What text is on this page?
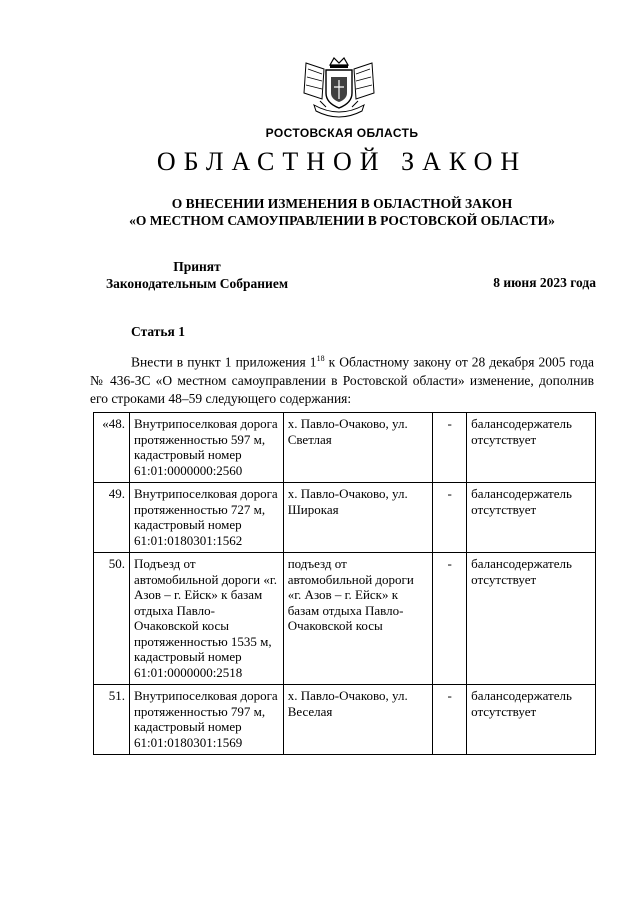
РОСТОВСКАЯ ОБЛАСТЬ
ОБЛАСТНОЙ ЗАКОН
О ВНЕСЕНИИ ИЗМЕНЕНИЯ В ОБЛАСТНОЙ ЗАКОН
«О МЕСТНОМ САМОУПРАВЛЕНИИ В РОСТОВСКОЙ ОБЛАСТИ»
Принят
Законодательным Собранием	8 июня 2023 года
Статья 1
Внести в пункт 1 приложения $1^{18}$ к Областному закону от 28 декабря 2005 года № 436-ЗС «О местном самоуправлении в Ростовской области» изменение, дополнив его строками 48–59 следующего содержания:
«48.	Внутрипоселковая дорога протяженностью 597 м, кадастровый номер 61:01:0000000:2560	х. Павло-Очаково, ул. Светлая	-	балансодержатель отсутствует
49.	Внутрипоселковая дорога протяженностью 727 м, кадастровый номер 61:01:0180301:1562	х. Павло-Очаково, ул. Широкая	-	балансодержатель отсутствует
50.	Подъезд от автомобильной дороги «г. Азов – г. Ейск» к базам отдыха Павло-Очаковской косы протяженностью 1535 м, кадастровый номер 61:01:0000000:2518	подъезд от автомобильной дороги «г. Азов – г. Ейск» к базам отдыха Павло-Очаковской косы	-	балансодержатель отсутствует
51.	Внутрипоселковая дорога протяженностью 797 м, кадастровый номер 61:01:0180301:1569	х. Павло-Очаково, ул. Веселая	-	балансодержатель отсутствует
